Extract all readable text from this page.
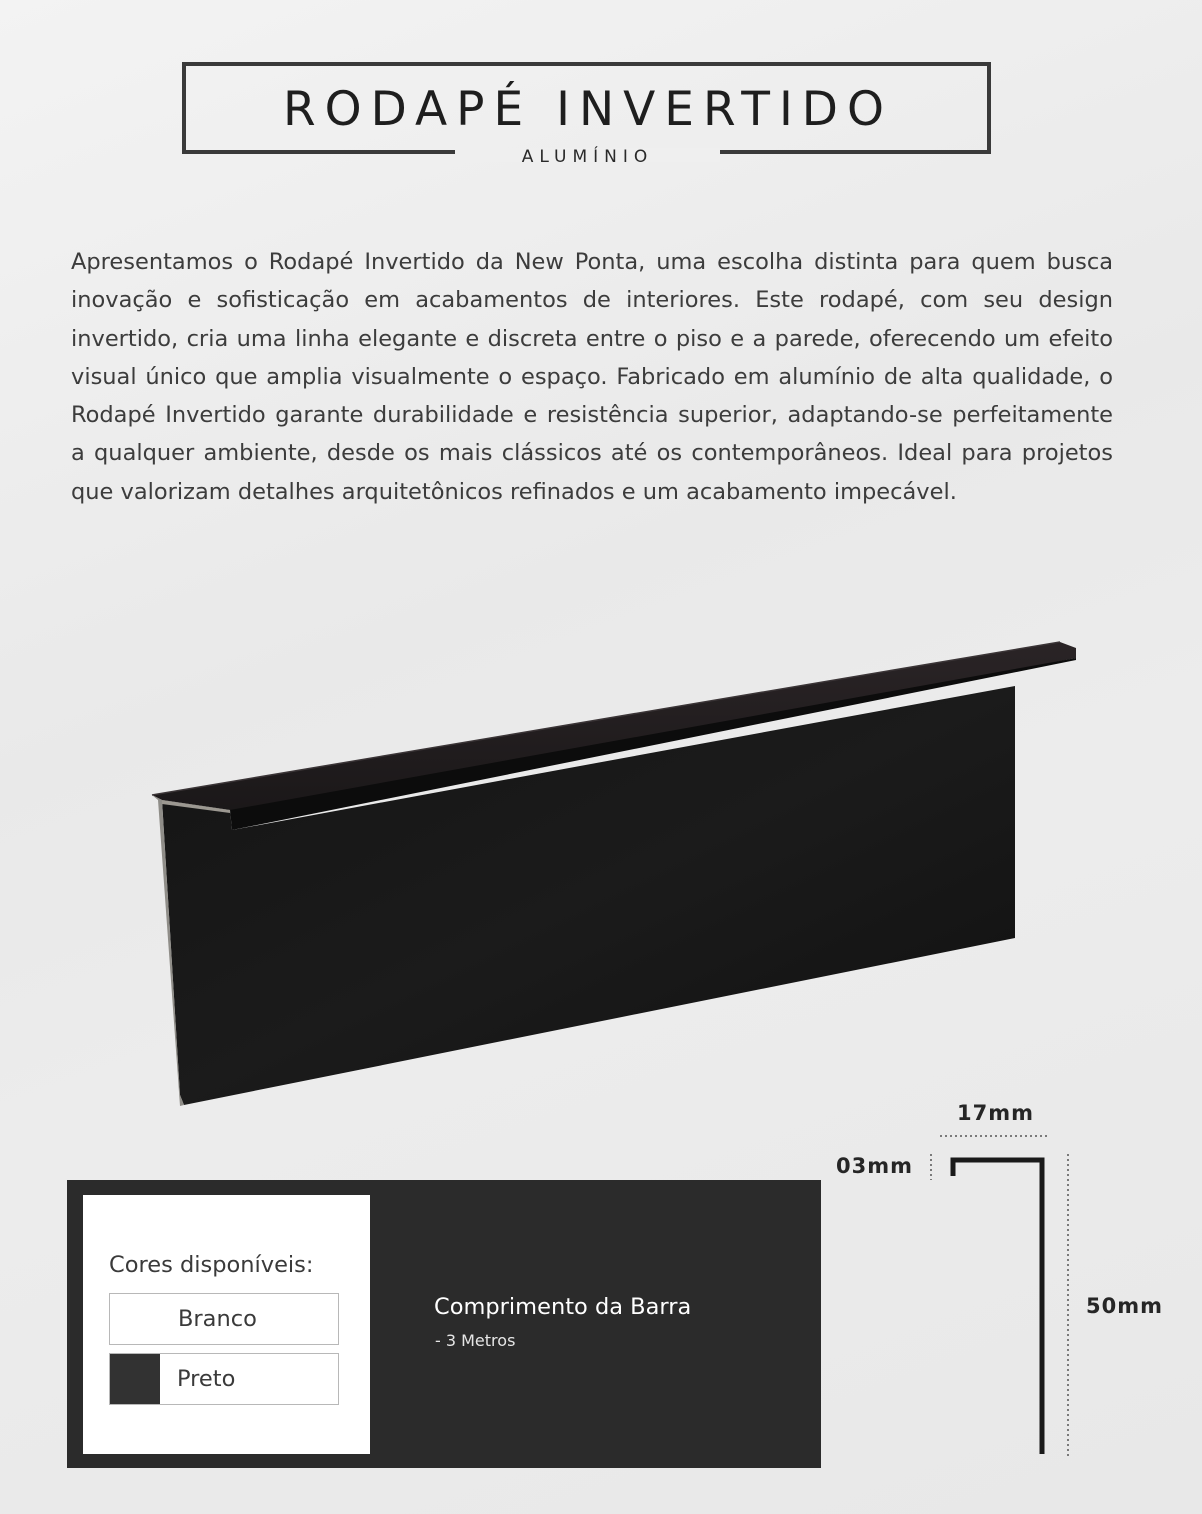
RODAPÉ INVERTIDO
ALUMÍNIO

Apresentamos o Rodapé Invertido da New Ponta, uma escolha distinta para quem busca inovação e sofisticação em acabamentos de interiores. Este rodapé, com seu design invertido, cria uma linha elegante e discreta entre o piso e a parede, oferecendo um efeito visual único que amplia visualmente o espaço. Fabricado em alumínio de alta qualidade, o Rodapé Invertido garante durabilidade e resistência superior, adaptando-se perfeitamente a qualquer ambiente, desde os mais clássicos até os contemporâneos. Ideal para projetos que valorizam detalhes arquitetônicos refinados e um acabamento impecável.

Cores disponíveis:
Branco
Preto
Comprimento da Barra
- 3 Metros
17mm
03mm
50mm
